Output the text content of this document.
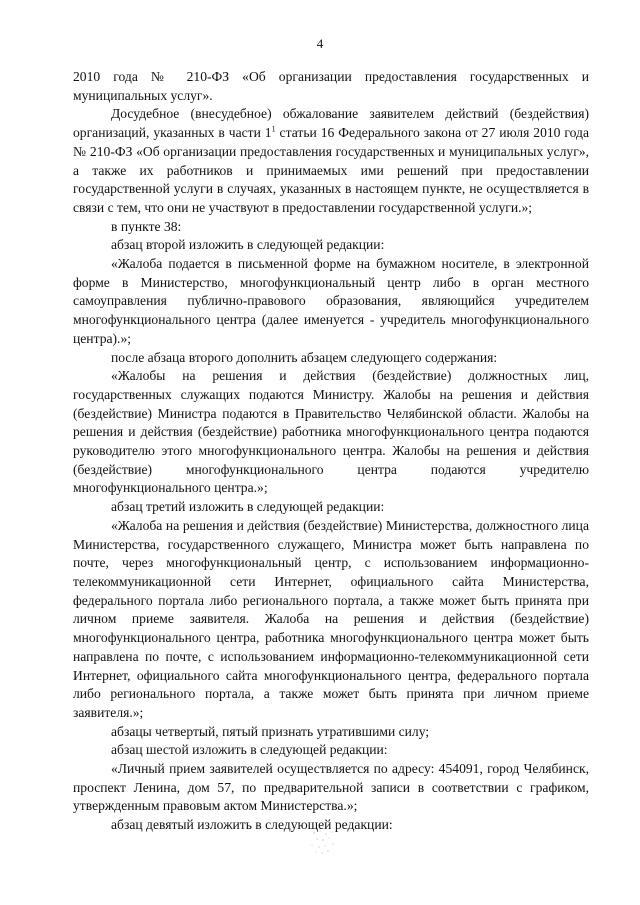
4

2010 года № 210-ФЗ «Об организации предоставления государственных и муниципальных услуг».

Досудебное (внесудебное) обжалование заявителем действий (бездействия) организаций, указанных в части $1^1$ статьи 16 Федерального закона от 27 июля 2010 года № 210-ФЗ «Об организации предоставления государственных и муниципальных услуг», а также их работников и принимаемых ими решений при предоставлении государственной услуги в случаях, указанных в настоящем пункте, не осуществляется в связи с тем, что они не участвуют в предоставлении государственной услуги.»;

в пункте 38:

абзац второй изложить в следующей редакции:

«Жалоба подается в письменной форме на бумажном носителе, в электронной форме в Министерство, многофункциональный центр либо в орган местного самоуправления публично-правового образования, являющийся учредителем многофункционального центра (далее именуется - учредитель многофункционального центра).»;

после абзаца второго дополнить абзацем следующего содержания:

«Жалобы на решения и действия (бездействие) должностных лиц, государственных служащих подаются Министру. Жалобы на решения и действия (бездействие) Министра подаются в Правительство Челябинской области. Жалобы на решения и действия (бездействие) работника многофункционального центра подаются руководителю этого многофункционального центра. Жалобы на решения и действия (бездействие) многофункционального центра подаются учредителю многофункционального центра.»;

абзац третий изложить в следующей редакции:

«Жалоба на решения и действия (бездействие) Министерства, должностного лица Министерства, государственного служащего, Министра может быть направлена по почте, через многофункциональный центр, с использованием информационно-телекоммуникационной сети Интернет, официального сайта Министерства, федерального портала либо регионального портала, а также может быть принята при личном приеме заявителя. Жалоба на решения и действия (бездействие) многофункционального центра, работника многофункционального центра может быть направлена по почте, с использованием информационно-телекоммуникационной сети Интернет, официального сайта многофункционального центра, федерального портала либо регионального портала, а также может быть принята при личном приеме заявителя.»;

абзацы четвертый, пятый признать утратившими силу;

абзац шестой изложить в следующей редакции:

«Личный прием заявителей осуществляется по адресу: 454091, город Челябинск, проспект Ленина, дом 57, по предварительной записи в соответствии с графиком, утвержденным правовым актом Министерства.»;

абзац девятый изложить в следующей редакции:
